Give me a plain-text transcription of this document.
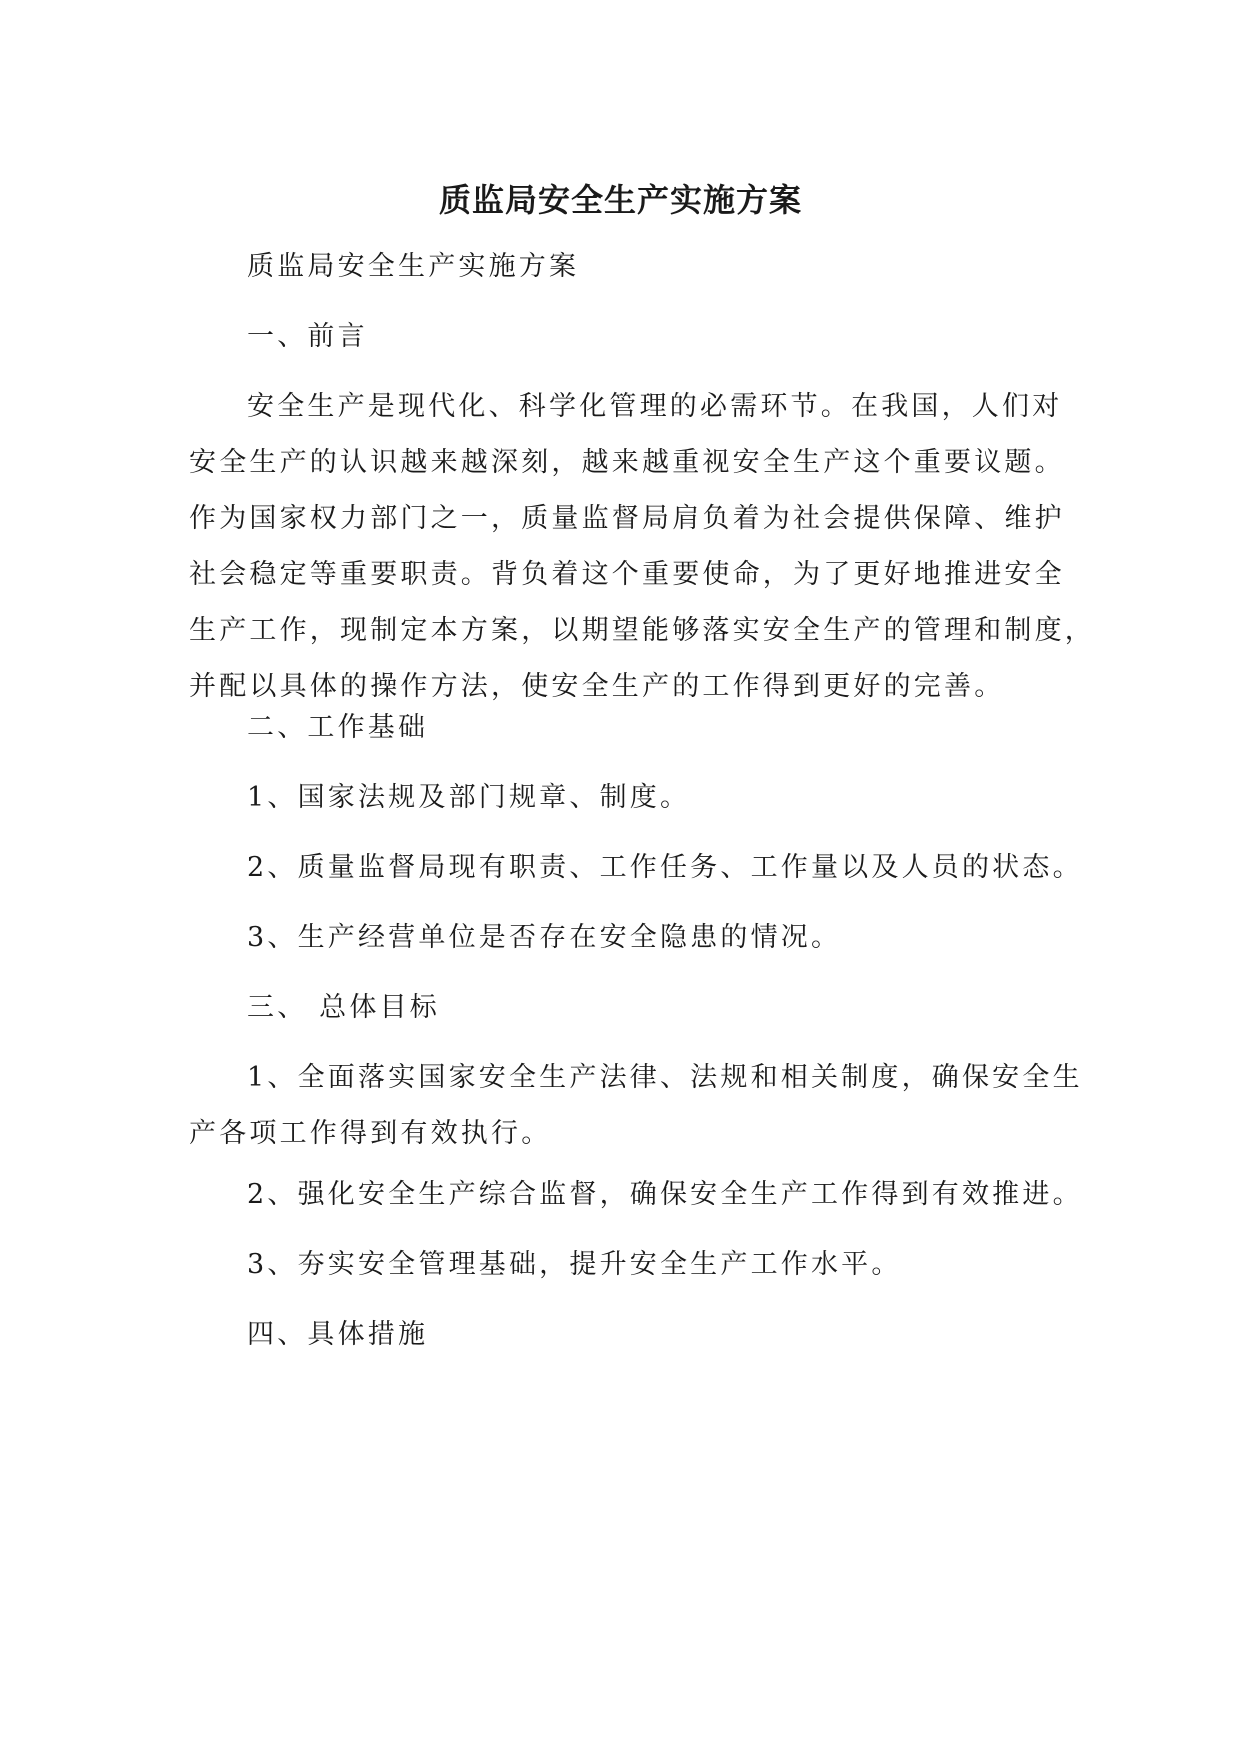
质监局安全生产实施方案
质监局安全生产实施方案
一、前言
安全生产是现代化、科学化管理的必需环节。在我国，人们对
安全生产的认识越来越深刻，越来越重视安全生产这个重要议题。
作为国家权力部门之一，质量监督局肩负着为社会提供保障、维护
社会稳定等重要职责。背负着这个重要使命，为了更好地推进安全
生产工作，现制定本方案，以期望能够落实安全生产的管理和制度，
并配以具体的操作方法，使安全生产的工作得到更好的完善。
二、工作基础
1、国家法规及部门规章、制度。
2、质量监督局现有职责、工作任务、工作量以及人员的状态。
3、生产经营单位是否存在安全隐患的情况。
三、 总体目标
1、全面落实国家安全生产法律、法规和相关制度，确保安全生
产各项工作得到有效执行。
2、强化安全生产综合监督，确保安全生产工作得到有效推进。
3、夯实安全管理基础，提升安全生产工作水平。
四、具体措施
